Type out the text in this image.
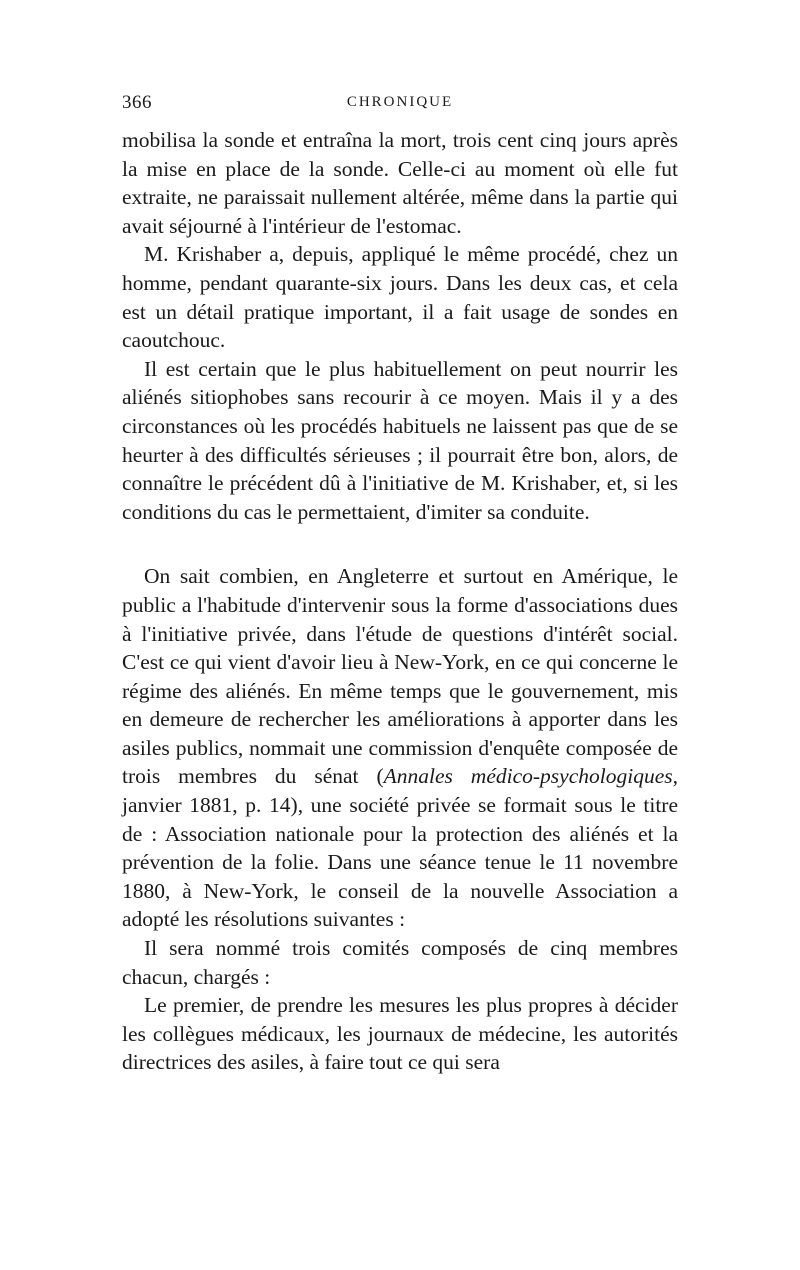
366	CHRONIQUE

mobilisa la sonde et entraîna la mort, trois cent cinq jours après la mise en place de la sonde. Celle-ci au moment où elle fut extraite, ne paraissait nullement altérée, même dans la partie qui avait séjourné à l'intérieur de l'estomac.

M. Krishaber a, depuis, appliqué le même procédé, chez un homme, pendant quarante-six jours. Dans les deux cas, et cela est un détail pratique important, il a fait usage de sondes en caoutchouc.

Il est certain que le plus habituellement on peut nourrir les aliénés sitiophobes sans recourir à ce moyen. Mais il y a des circonstances où les procédés habituels ne laissent pas que de se heurter à des difficultés sérieuses ; il pourrait être bon, alors, de connaître le précédent dû à l'initiative de M. Krishaber, et, si les conditions du cas le permettaient, d'imiter sa conduite.

On sait combien, en Angleterre et surtout en Amérique, le public a l'habitude d'intervenir sous la forme d'associations dues à l'initiative privée, dans l'étude de questions d'intérêt social. C'est ce qui vient d'avoir lieu à New-York, en ce qui concerne le régime des aliénés. En même temps que le gouvernement, mis en demeure de rechercher les améliorations à apporter dans les asiles publics, nommait une commission d'enquête composée de trois membres du sénat (Annales médico-psychologiques, janvier 1881, p. 14), une société privée se formait sous le titre de : Association nationale pour la protection des aliénés et la prévention de la folie. Dans une séance tenue le 11 novembre 1880, à New-York, le conseil de la nouvelle Association a adopté les résolutions suivantes :

Il sera nommé trois comités composés de cinq membres chacun, chargés :

Le premier, de prendre les mesures les plus propres à décider les collègues médicaux, les journaux de médecine, les autorités directrices des asiles, à faire tout ce qui sera
